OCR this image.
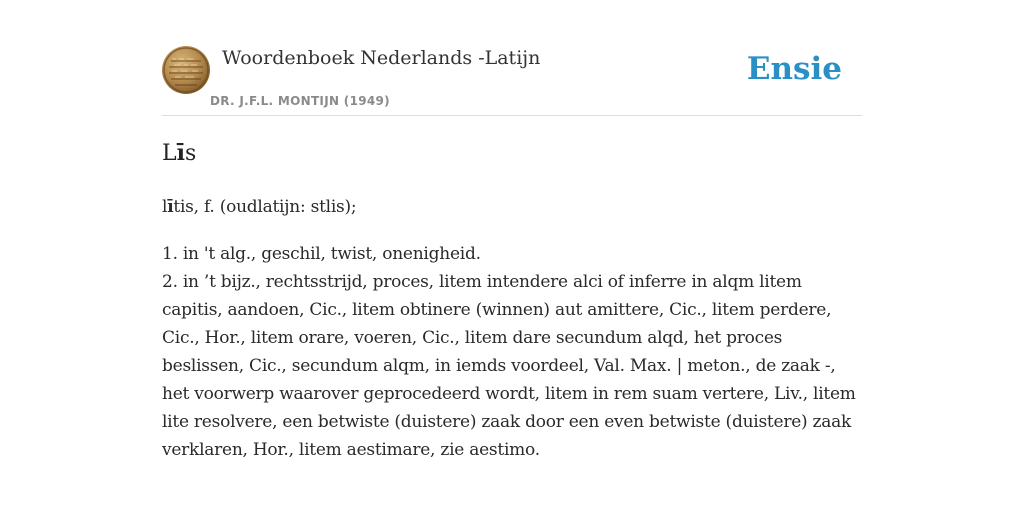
Woordenboek Nederlands -Latijn
DR. J.F.L. MONTIJN (1949)
Ensie
Līs

lītis, f. (oudlatijn: stlis);

1. in 't alg., geschil, twist, onenigheid.

2. in ’t bijz., rechtsstrijd, proces, litem intendere alci of inferre in alqm litem capitis, aandoen, Cic., litem obtinere (winnen) aut amittere, Cic., litem perdere, Cic., Hor., litem orare, voeren, Cic., litem dare secundum alqd, het proces beslissen, Cic., secundum alqm, in iemds voordeel, Val. Max. | meton., de zaak -, het voorwerp waarover geprocedeerd wordt, litem in rem suam vertere, Liv., litem lite resolvere, een betwiste (duistere) zaak door een even betwiste (duistere) zaak verklaren, Hor., litem aestimare, zie aestimo.
